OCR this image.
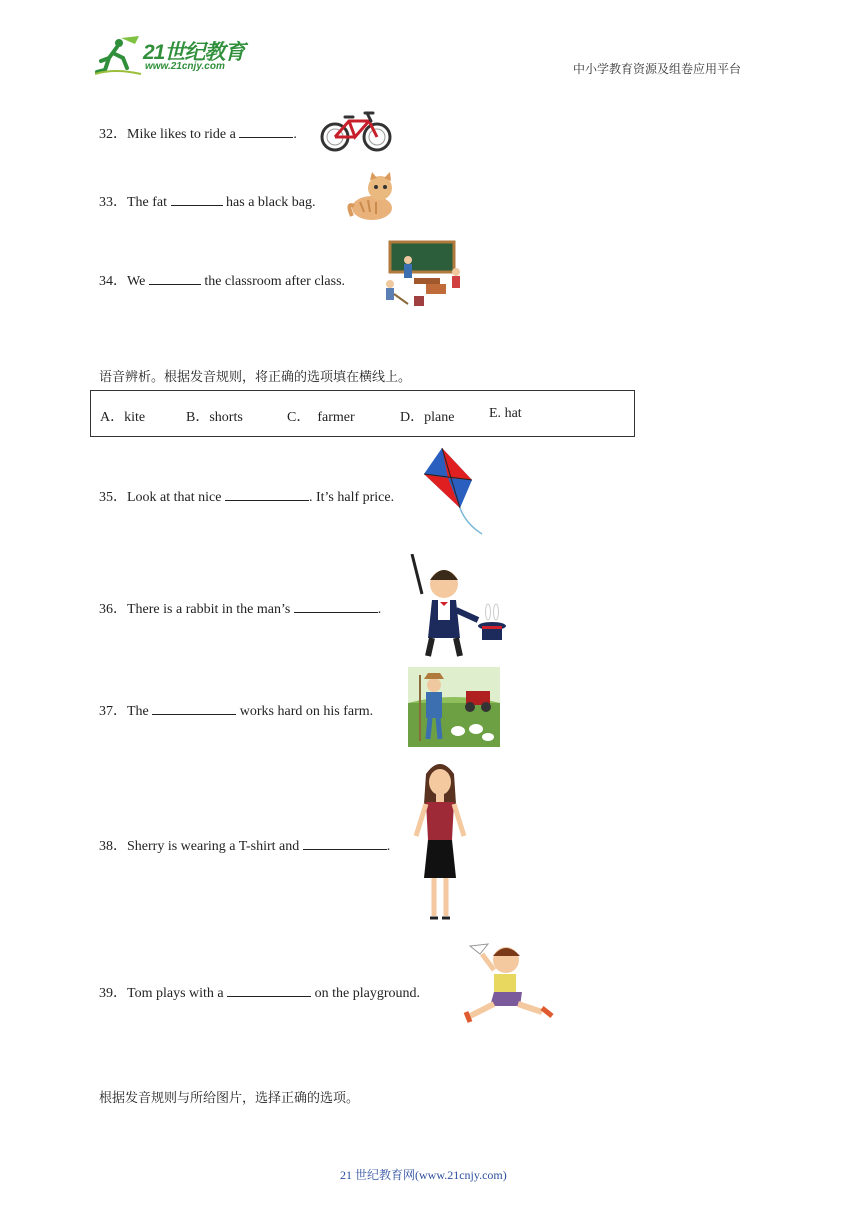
21世纪教育
www.21cnjy.com	中小学教育资源及组卷应用平台
32．Mike likes to ride a	.
33．The fat	has a black bag.
34．We	the classroom after class.
语音辨析。根据发音规则，将正确的选项填在横线上。
A．kite	B．shorts	C． farmer	D．plane E. hat
35．Look at that nice	. It’s half price.
36．There is a rabbit in the man’s	.
37．The	works hard on his farm.
38．Sherry is wearing a T-shirt and	.
39．Tom plays with a	on the playground.
根据发音规则与所给图片，选择正确的选项。
21 世纪教育网(www.21cnjy.com)
